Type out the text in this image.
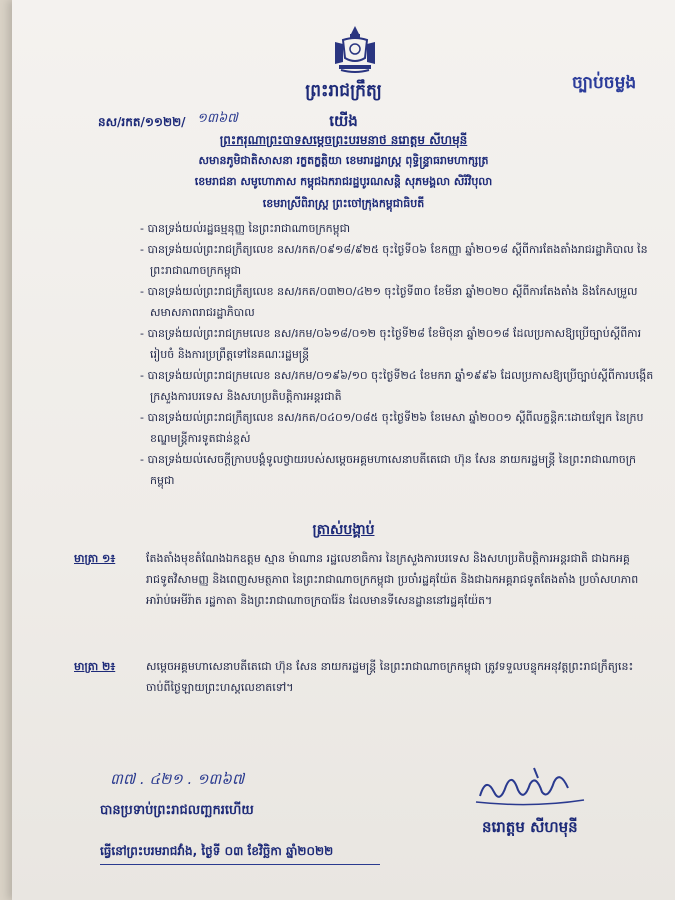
ច្បាប់ចម្លង
ព្រះរាជក្រឹត្យ
នស/រកត/១១២២/ ១៣៦៧	យើង
ព្រះករុណាព្រះបាទសម្តេចព្រះបរមនាថ នរោត្តម សីហមុនី
សមានភូមិជាតិសាសនា រក្ខតក្ខត្តិយា ខេមរារដ្ឋរាស្ត្រ ពុទ្ធិន្ទ្រាធរាមហាក្សត្រ
ខេមរាជនា សមូហោភាស កម្ពុជឯករាជរដ្ឋបូរណសន្តិ សុភមង្គលា សិរីវិបុលា
ខេមរាស្រីពិរាស្ត្រ ព្រះចៅក្រុងកម្ពុជាធិបតី
- បានទ្រង់យល់រដ្ឋធម្មនុញ្ញ នៃព្រះរាជាណាចក្រកម្ពុជា
- បានទ្រង់យល់ព្រះរាជក្រឹត្យលេខ នស/រកត/០៩១៨/៩២៥ ចុះថ្ងៃទី០៦ ខែកញ្ញា ឆ្នាំ២០១៨ ស្តីពីការតែងតាំងរាជរដ្ឋាភិបាល នៃព្រះរាជាណាចក្រកម្ពុជា
- បានទ្រង់យល់ព្រះរាជក្រឹត្យលេខ នស/រកត/០៣២០/៤២១ ចុះថ្ងៃទី៣០ ខែមីនា ឆ្នាំ២០២០ ស្តីពីការតែងតាំង និងកែសម្រួលសមាសភាពរាជរដ្ឋាភិបាល
- បានទ្រង់យល់ព្រះរាជក្រមលេខ នស/រកម/០៦១៨/០១២ ចុះថ្ងៃទី២៨ ខែមិថុនា ឆ្នាំ២០១៨ ដែលប្រកាសឱ្យប្រើច្បាប់ស្តីពីការរៀបចំ និងការប្រព្រឹត្តទៅនៃគណៈរដ្ឋមន្ត្រី
- បានទ្រង់យល់ព្រះរាជក្រមលេខ នស/រកម/០១៩៦/១០ ចុះថ្ងៃទី២៤ ខែមករា ឆ្នាំ១៩៩៦ ដែលប្រកាសឱ្យប្រើច្បាប់ស្តីពីការបង្កើតក្រសួងការបរទេស និងសហប្រតិបត្តិការអន្តរជាតិ
- បានទ្រង់យល់ព្រះរាជក្រឹត្យលេខ នស/រកត/០៤០១/០៨៥ ចុះថ្ងៃទី២៦ ខែមេសា ឆ្នាំ២០០១ ស្តីពីលក្ខន្តិកៈដោយឡែក នៃក្របខណ្ឌមន្ត្រីការទូតជាន់ខ្ពស់
- បានទ្រង់យល់សេចក្តីក្រាបបង្គំទូលថ្វាយរបស់សម្តេចអគ្គមហាសេនាបតីតេជោ ហ៊ុន សែន នាយករដ្ឋមន្ត្រី នៃព្រះរាជាណាចក្រកម្ពុជា
ត្រាស់បង្គាប់
មាត្រា ១៖	តែងតាំងមុខតំណែងឯកឧត្តម ស្មាន ម៉ាណាន រដ្ឋលេខាធិការ នៃក្រសួងការបរទេស និងសហប្រតិបត្តិការអន្តរជាតិ ជាឯកអគ្គរាជទូតវិសាមញ្ញ និងពេញសមត្ថភាព នៃព្រះរាជាណាចក្រកម្ពុជា ប្រចាំរដ្ឋគុយ៉ែត និងជាឯកអគ្គរាជទូតតែងតាំង ប្រចាំសហភាពអារ៉ាប់អេមីរ៉ាត រដ្ឋកាតា និងព្រះរាជាណាចក្របារ៉ែន ដែលមានទីសេនដ្ឋាននៅរដ្ឋគុយ៉ែត។
មាត្រា ២៖	សម្តេចអគ្គមហាសេនាបតីតេជោ ហ៊ុន សែន នាយករដ្ឋមន្ត្រី នៃព្រះរាជាណាចក្រកម្ពុជា ត្រូវទទួលបន្ទុកអនុវត្តព្រះរាជក្រឹត្យនេះ ចាប់ពីថ្ងៃឡាយព្រះហស្តលេខាតទៅ។
៣៧ . ៤២១ . ១៣៦៧
បានប្រទាប់ព្រះរាជលញ្ឆករហើយ
នរោត្តម សីហមុនី
ធ្វើនៅព្រះបរមរាជវាំង, ថ្ងៃទី ០៣ ខែវិច្ឆិកា ឆ្នាំ២០២២
